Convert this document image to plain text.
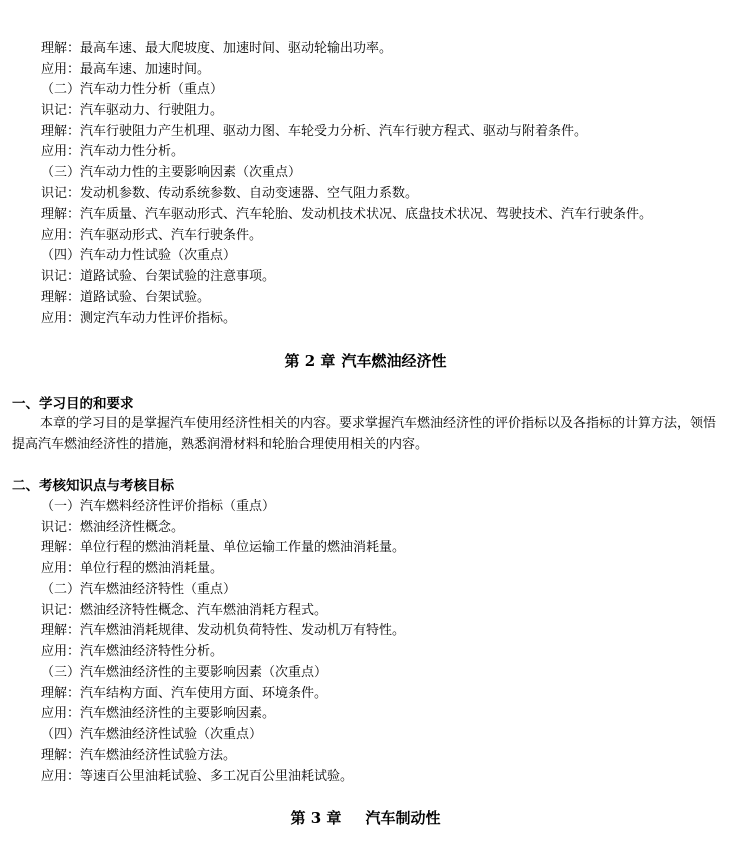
理解：最高车速、最大爬坡度、加速时间、驱动轮输出功率。
应用：最高车速、加速时间。
（二）汽车动力性分析（重点）
识记：汽车驱动力、行驶阻力。
理解：汽车行驶阻力产生机理、驱动力图、车轮受力分析、汽车行驶方程式、驱动与附着条件。
应用：汽车动力性分析。
（三）汽车动力性的主要影响因素（次重点）
识记：发动机参数、传动系统参数、自动变速器、空气阻力系数。
理解：汽车质量、汽车驱动形式、汽车轮胎、发动机技术状况、底盘技术状况、驾驶技术、汽车行驶条件。
应用：汽车驱动形式、汽车行驶条件。
（四）汽车动力性试验（次重点）
识记：道路试验、台架试验的注意事项。
理解：道路试验、台架试验。
应用：测定汽车动力性评价指标。
第 2 章 汽车燃油经济性
一、学习目的和要求

本章的学习目的是掌握汽车使用经济性相关的内容。要求掌握汽车燃油经济性的评价指标以及各指标的计算方法，领悟提高汽车燃油经济性的措施，熟悉润滑材料和轮胎合理使用相关的内容。

二、考核知识点与考核目标
（一）汽车燃料经济性评价指标（重点）
识记：燃油经济性概念。
理解：单位行程的燃油消耗量、单位运输工作量的燃油消耗量。
应用：单位行程的燃油消耗量。
（二）汽车燃油经济特性（重点）
识记：燃油经济特性概念、汽车燃油消耗方程式。
理解：汽车燃油消耗规律、发动机负荷特性、发动机万有特性。
应用：汽车燃油经济特性分析。
（三）汽车燃油经济性的主要影响因素（次重点）
理解：汽车结构方面、汽车使用方面、环境条件。
应用：汽车燃油经济性的主要影响因素。
（四）汽车燃油经济性试验（次重点）
理解：汽车燃油经济性试验方法。
应用：等速百公里油耗试验、多工况百公里油耗试验。
第 3 章 汽车制动性
